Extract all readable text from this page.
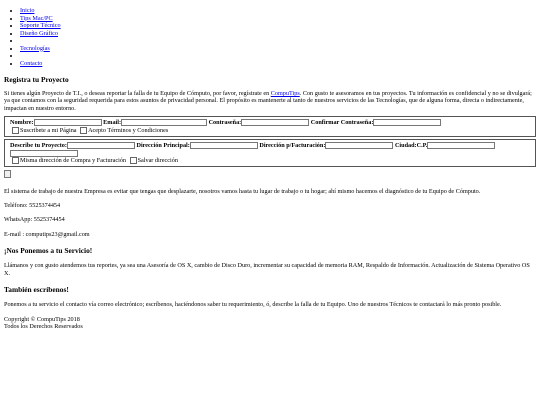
• Inicio
• Tips Mac/PC
• Soporte Técnico
• Diseño Gráfico
•
• Tecnologías
•
• Contacto
Registra tu Proyecto

Si tienes algún Proyecto de T.I., o deseas reportar la falla de tu Equipo de Cómputo, por favor, regístrate en CompuTips. Con gusto te asesoramos en tus proyectos. Tu información es confidencial y no se divulgará; ya que contamos con la seguridad requerida para estos asuntos de privacidad personal. El propósito es mantenerte al tanto de nuestros servicios de las Tecnologías, que de alguna forma, directa o indirectamente, impactan en nuestro entorno.

Nombre:	Email:	Contraseña:	Confirmar Contraseña:
Suscribete a mi Página Acepto Términos y Condiciones
Describe tu Proyecto:	Dirección Principal:	Dirección p/Facturación:	Ciudad:C.P.
Misma dirección de Compra y Facturación Salvar dirección

El sistema de trabajo de nuestra Empresa es evitar que tengas que desplazarte, nosotros vamos hasta tu lugar de trabajo o tu hogar; ahí mismo hacemos el diagnóstico de tu Equipo de Cómputo.

Teléfono: 5525374454

WhatsApp: 5525374454

E-mail : computips23@gmail.com

¡Nos Ponemos a tu Servicio!

Llámanos y con gusto atendemos tus reportes, ya sea una Asesoría de OS X, cambio de Disco Duro, incrementar su capacidad de memoria RAM, Respaldo de Información. Actualización de Sistema Operativo OS X.

También escríbenos!

Ponemos a tu servicio el contacto vía correo electrónico; escríbenos, haciéndonos saber tu requerimiento, ó, describe la falla de tu Equipo. Uno de nuestros Técnicos te contactará lo más pronto posible.

Copyright © CompuTips 2018
Todos los Derechos Reservados
